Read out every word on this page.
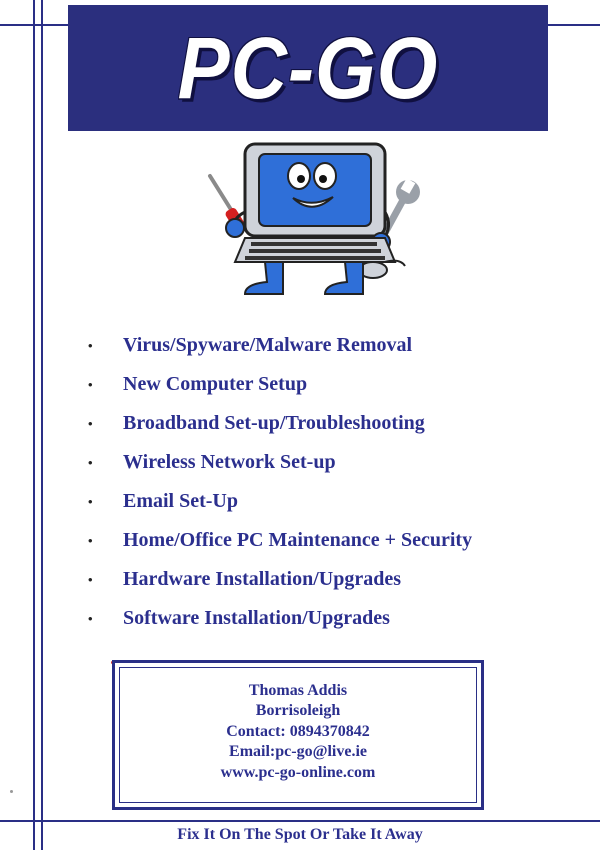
PC-GO
•	Virus/Spyware/Malware Removal
•	New Computer Setup
•	Broadband Set-up/Troubleshooting
•	Wireless Network Set-up
•	Email Set-Up
•	Home/Office PC Maintenance + Security
•	Hardware Installation/Upgrades
•	Software Installation/Upgrades
Thomas Addis
Borrisoleigh
Contact: 0894370842
Email:pc-go@live.ie
www.pc-go-online.com
Fix It On The Spot Or Take It Away
